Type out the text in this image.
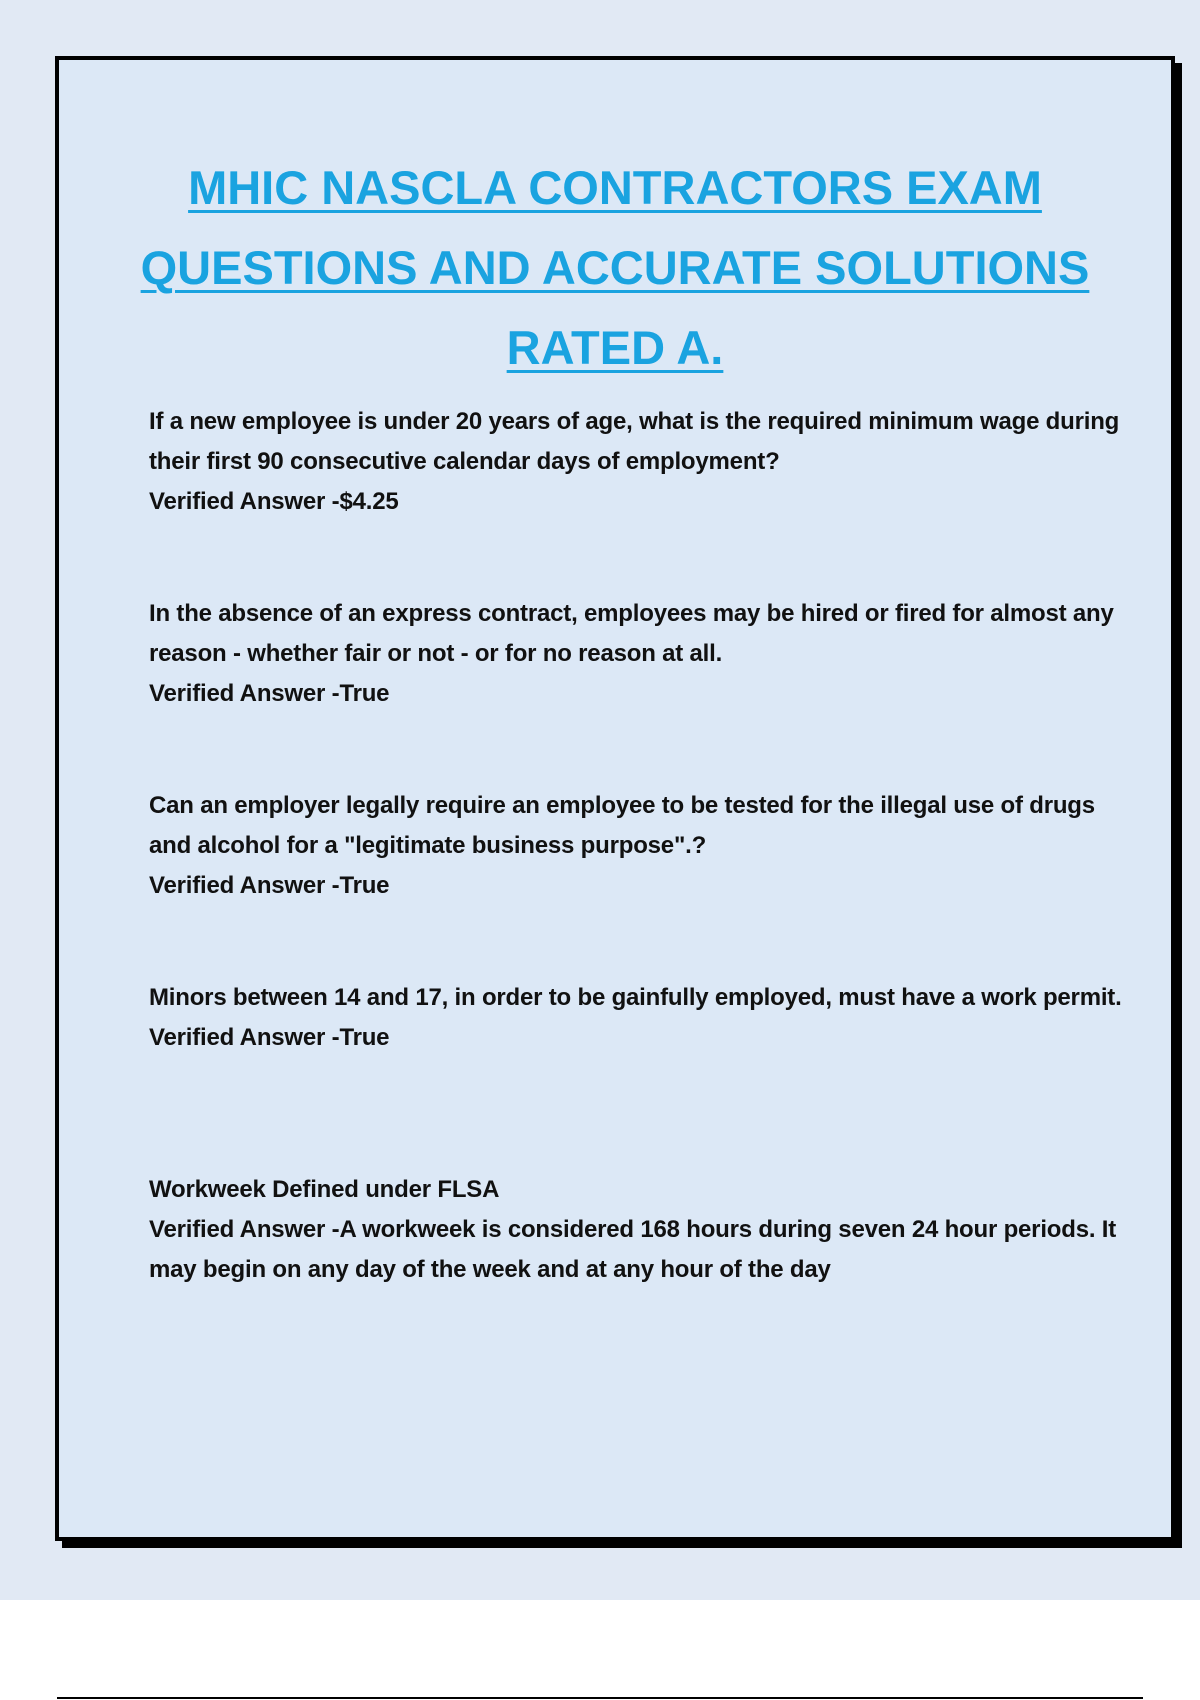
MHIC NASCLA CONTRACTORS EXAM
QUESTIONS AND ACCURATE SOLUTIONS
RATED A.

If a new employee is under 20 years of age, what is the required minimum wage during their first 90 consecutive calendar days of employment?

Verified Answer -$4.25

In the absence of an express contract, employees may be hired or fired for almost any reason - whether fair or not - or for no reason at all.

Verified Answer -True

Can an employer legally require an employee to be tested for the illegal use of drugs and alcohol for a "legitimate business purpose".?

Verified Answer -True

Minors between 14 and 17, in order to be gainfully employed, must have a work permit.

Verified Answer -True

Workweek Defined under FLSA

Verified Answer -A workweek is considered 168 hours during seven 24 hour periods. It may begin on any day of the week and at any hour of the day
